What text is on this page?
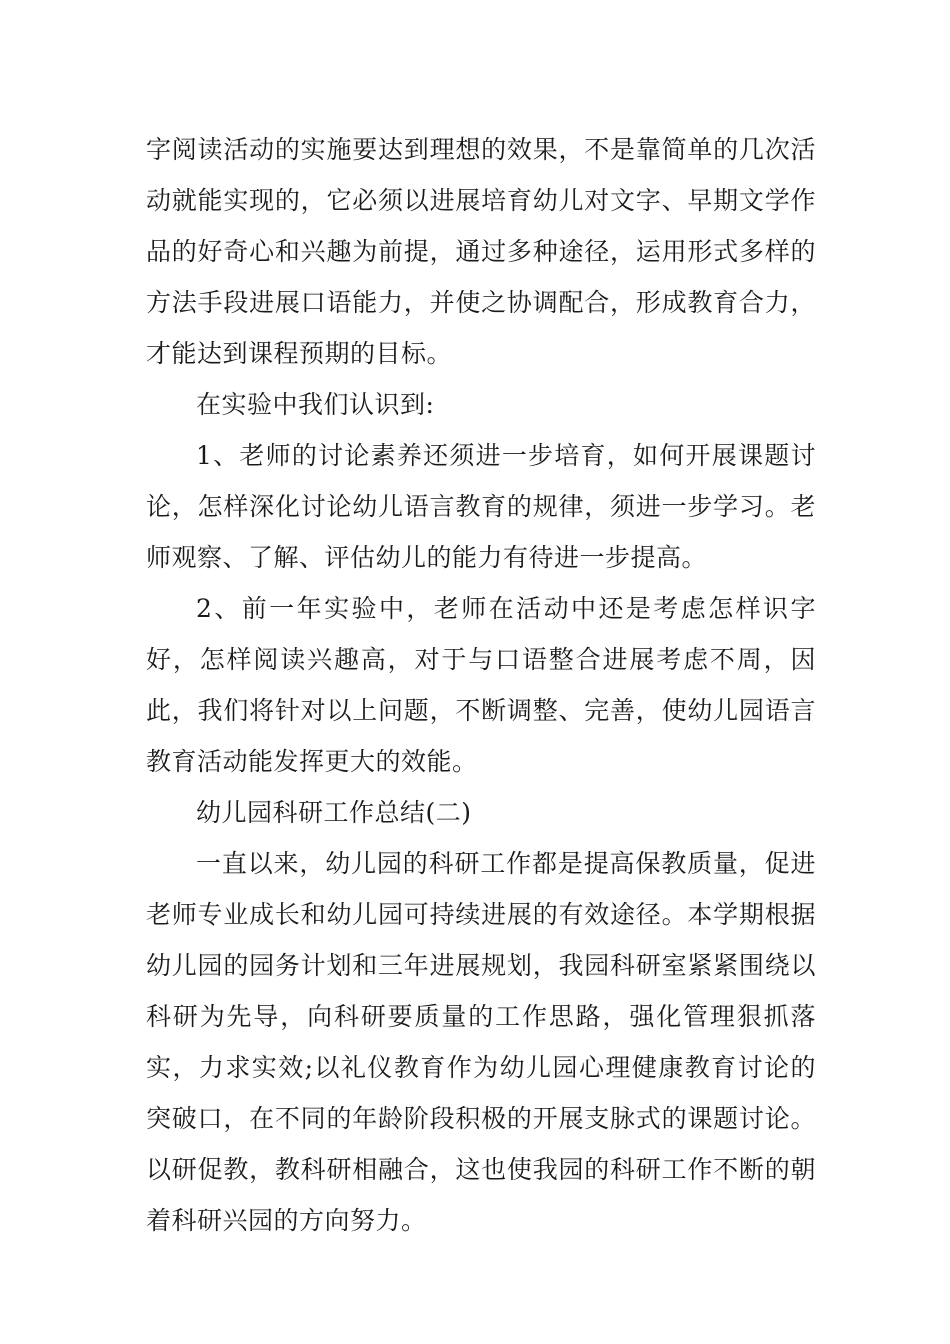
字阅读活动的实施要达到理想的效果，不是靠简单的几次活动就能实现的，它必须以进展培育幼儿对文字、早期文学作品的好奇心和兴趣为前提，通过多种途径，运用形式多样的方法手段进展口语能力，并使之协调配合，形成教育合力，才能达到课程预期的目标。

在实验中我们认识到:

1、老师的讨论素养还须进一步培育，如何开展课题讨论，怎样深化讨论幼儿语言教育的规律，须进一步学习。老师观察、了解、评估幼儿的能力有待进一步提高。

2、前一年实验中，老师在活动中还是考虑怎样识字好，怎样阅读兴趣高，对于与口语整合进展考虑不周，因此，我们将针对以上问题，不断调整、完善，使幼儿园语言教育活动能发挥更大的效能。

幼儿园科研工作总结(二)

一直以来，幼儿园的科研工作都是提高保教质量，促进老师专业成长和幼儿园可持续进展的有效途径。本学期根据幼儿园的园务计划和三年进展规划，我园科研室紧紧围绕以科研为先导，向科研要质量的工作思路，强化管理狠抓落实，力求实效;以礼仪教育作为幼儿园心理健康教育讨论的突破口，在不同的年龄阶段积极的开展支脉式的课题讨论。以研促教，教科研相融合，这也使我园的科研工作不断的朝着科研兴园的方向努力。
